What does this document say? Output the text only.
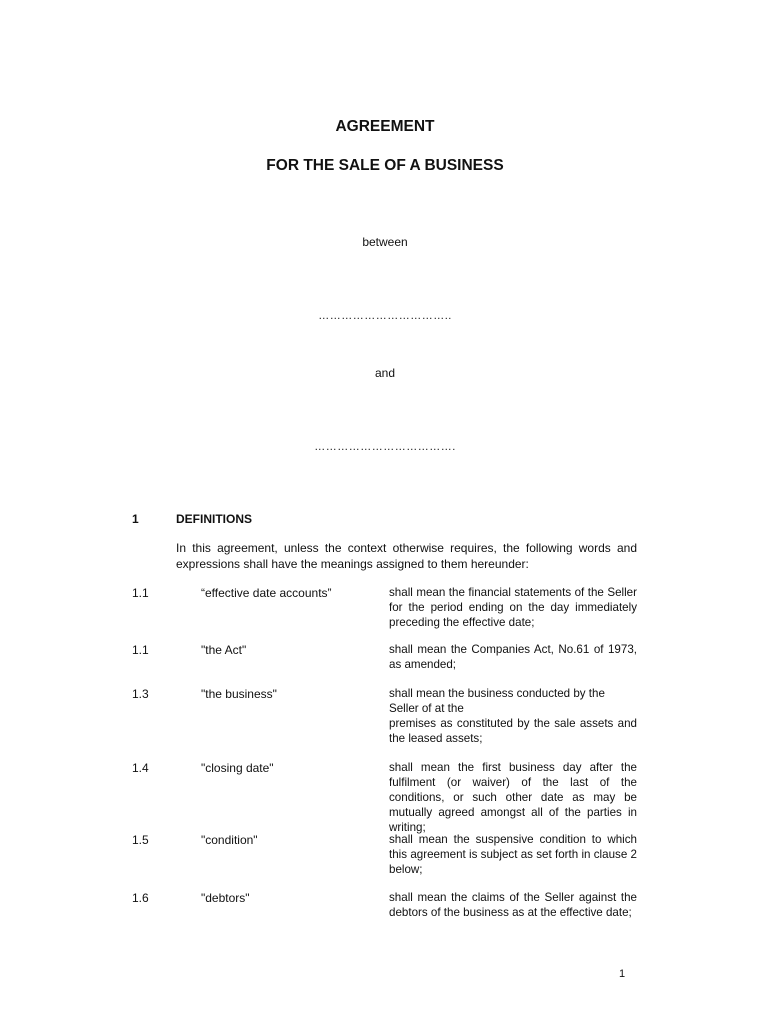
AGREEMENT
FOR THE SALE OF A BUSINESS
between
……………………………..
and
……………………………….
1	DEFINITIONS
In this agreement, unless the context otherwise requires, the following words and expressions shall have the meanings assigned to them hereunder:
1.1	“effective date accounts”	shall mean the financial statements of the Seller for the period ending on the day immediately preceding the effective date;
1.1	"the Act"	shall mean the Companies Act, No.61 of 1973, as amended;
1.3	"the business"	shall mean the business conducted by the
Seller of at the
premises as constituted by the sale assets and the leased assets;
1.4	"closing date"	shall mean the first business day after the fulfilment (or waiver) of the last of the conditions, or such other date as may be mutually agreed amongst all of the parties in writing;
1.5	"condition"	shall mean the suspensive condition to which this agreement is subject as set forth in clause 2 below;
1.6	"debtors"	shall mean the claims of the Seller against the debtors of the business as at the effective date;
1
